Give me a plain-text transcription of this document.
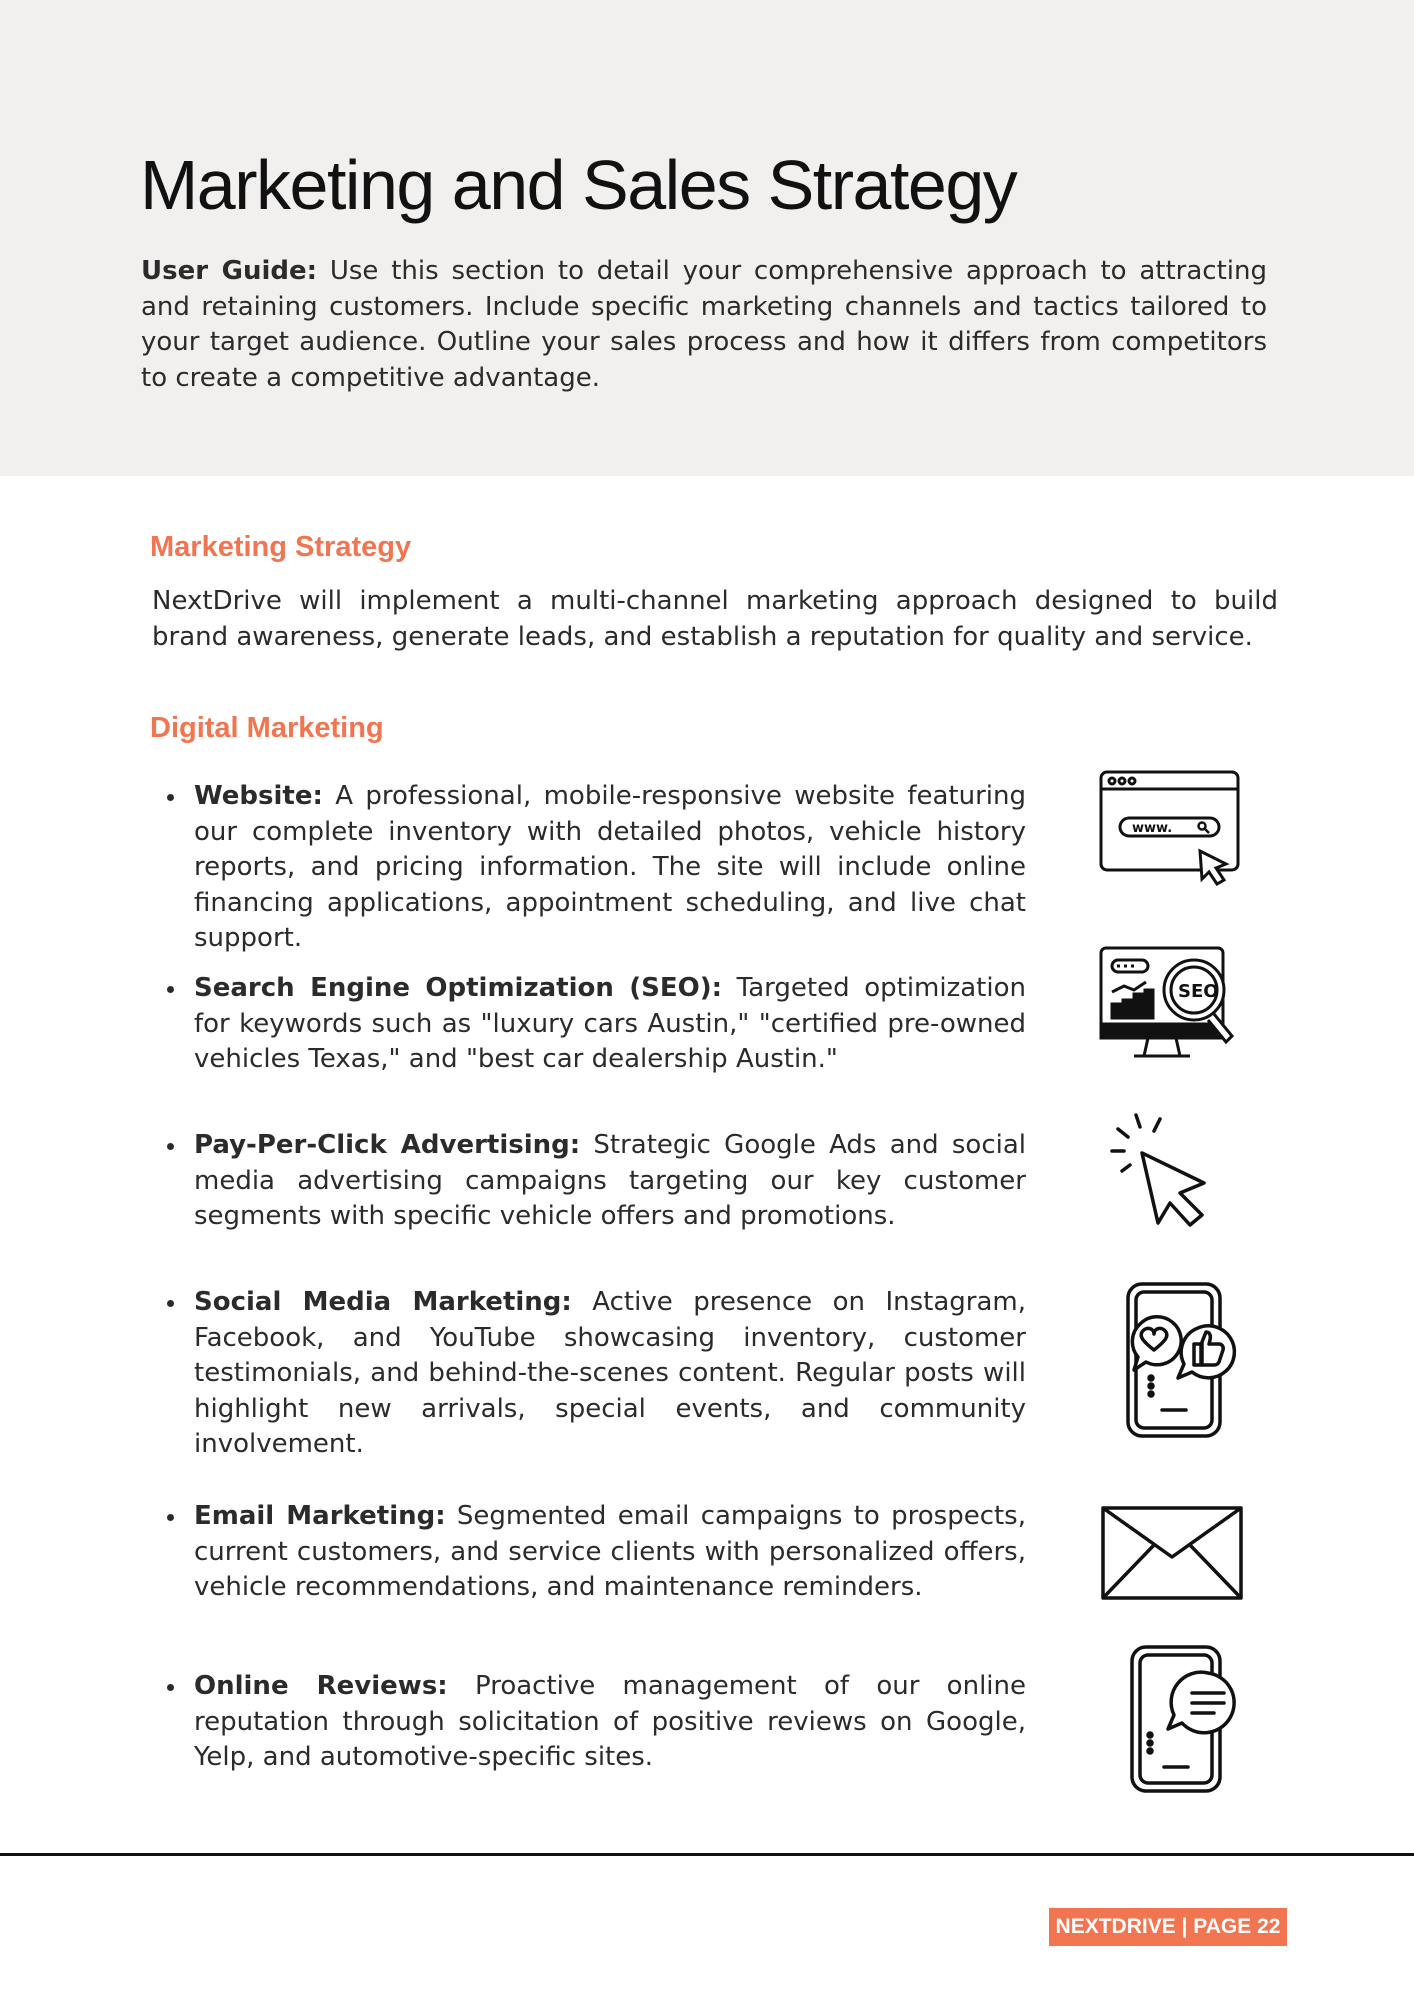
Marketing and Sales Strategy

User Guide: Use this section to detail your comprehensive approach to attracting and retaining customers. Include specific marketing channels and tactics tailored to your target audience. Outline your sales process and how it differs from competitors to create a competitive advantage.

Marketing Strategy

NextDrive will implement a multi-channel marketing approach designed to build brand awareness, generate leads, and establish a reputation for quality and service.

Digital Marketing
Website: A professional, mobile-responsive website featuring our complete inventory with detailed photos, vehicle history reports, and pricing information. The site will include online financing applications, appointment scheduling, and live chat support.
Search Engine Optimization (SEO): Targeted optimization for keywords such as "luxury cars Austin," "certified pre-owned vehicles Texas," and "best car dealership Austin."
Pay-Per-Click Advertising: Strategic Google Ads and social media advertising campaigns targeting our key customer segments with specific vehicle offers and promotions.
Social Media Marketing: Active presence on Instagram, Facebook, and YouTube showcasing inventory, customer testimonials, and behind-the-scenes content. Regular posts will highlight new arrivals, special events, and community involvement.
Email Marketing: Segmented email campaigns to prospects, current customers, and service clients with personalized offers, vehicle recommendations, and maintenance reminders.
Online Reviews: Proactive management of our online reputation through solicitation of positive reviews on Google, Yelp, and automotive-specific sites.
www.
SEO
NEXTDRIVE | PAGE 22
